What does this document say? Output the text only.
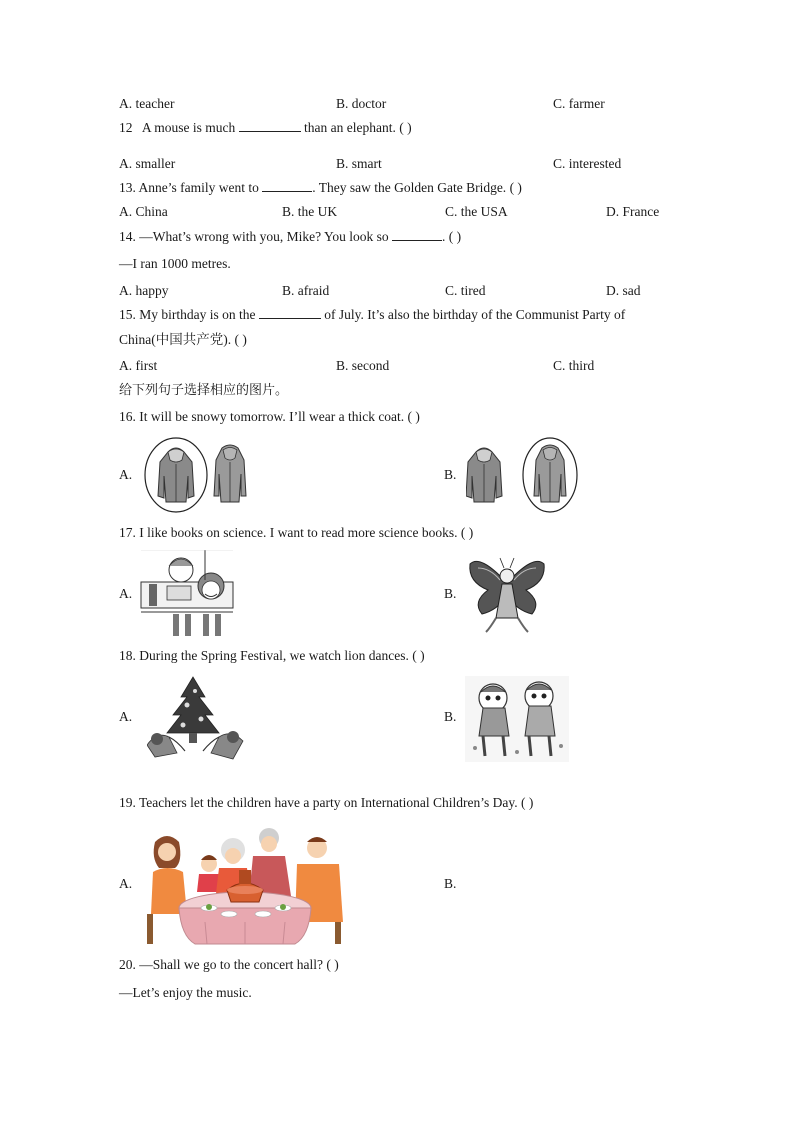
A. teacher	B. doctor	C. farmer
12 A mouse is much	than an elephant. ( )
A. smaller	B. smart	C. interested
13. Anne’s family went to	. They saw the Golden Gate Bridge. ( )
A. China	B. the UK	C. the USA	D. France
14. —What’s wrong with you, Mike? You look so	. ( )
—I ran 1000 metres.
A. happy	B. afraid	C. tired	D. sad
15. My birthday is on the	of July. It’s also the birthday of the Communist Party of
China(中国共产党). ( )
A. first	B. second	C. third
给下列句子选择相应的图片。
16. It will be snowy tomorrow. I’ll wear a thick coat. ( )
A.	B.
17. I like books on science. I want to read more science books. ( )
A.	B.
18. During the Spring Festival, we watch lion dances. ( )
A.	B.
19. Teachers let the children have a party on International Children’s Day. ( )
A.	B.
20. —Shall we go to the concert hall? ( )
—Let’s enjoy the music.
